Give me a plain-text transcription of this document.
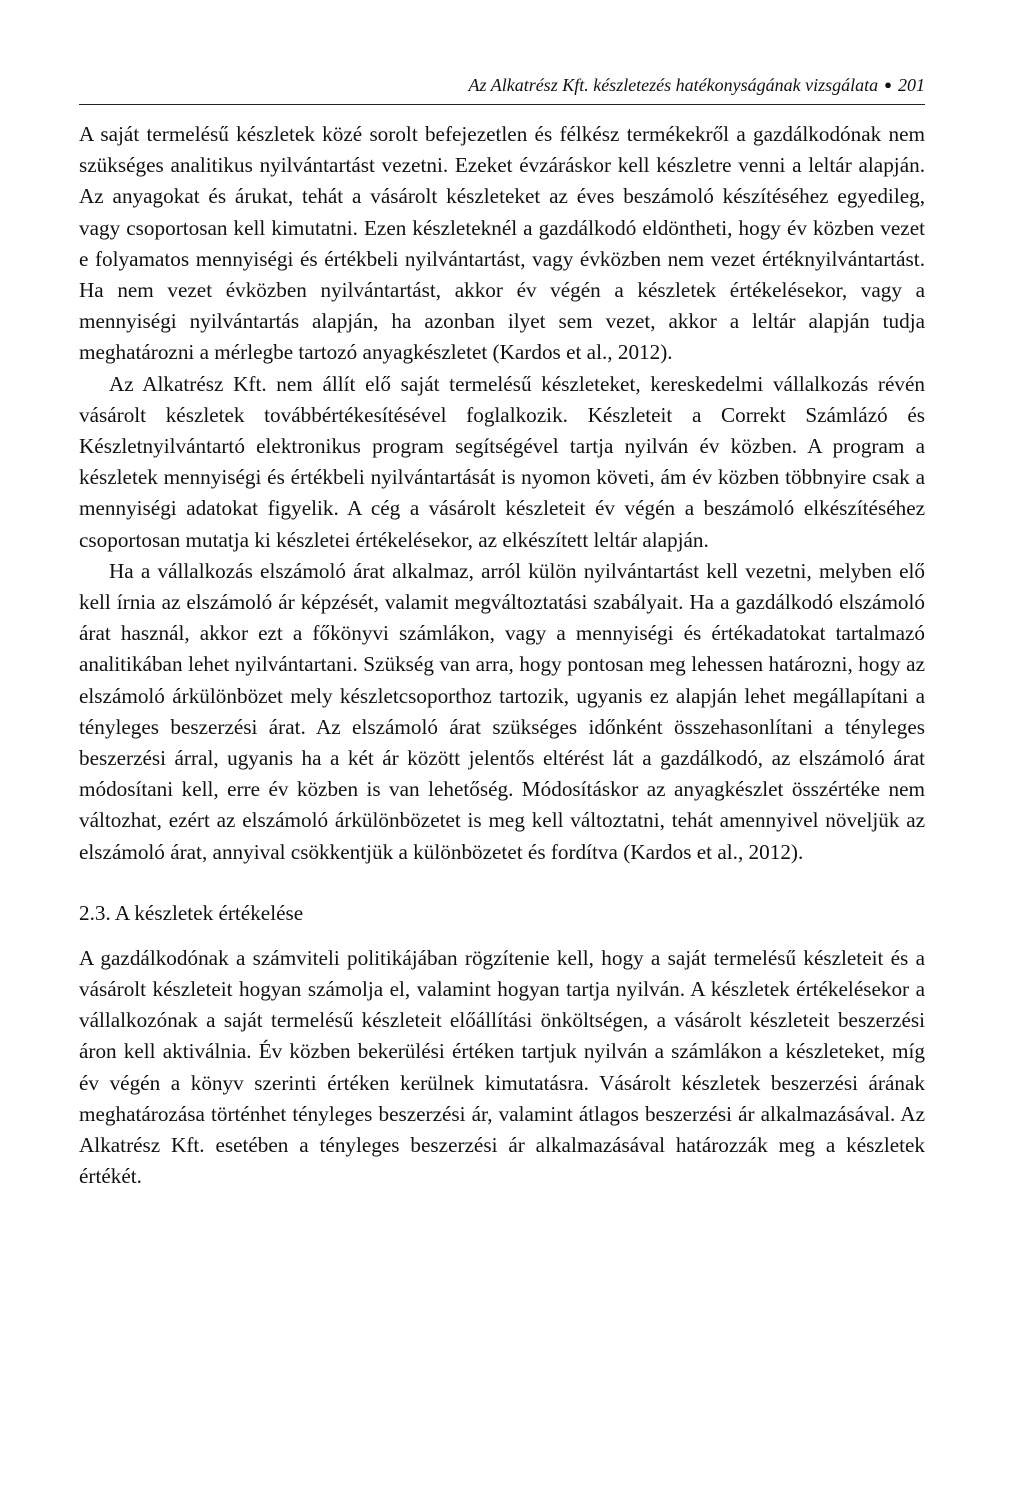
Az Alkatrész Kft. készletezés hatékonyságának vizsgálata ● 201

A saját termelésű készletek közé sorolt befejezetlen és félkész termékekről a gazdálkodónak nem szükséges analitikus nyilvántartást vezetni. Ezeket évzáráskor kell készletre venni a leltár alapján. Az anyagokat és árukat, tehát a vásárolt készleteket az éves beszámoló készítéséhez egyedileg, vagy csoportosan kell kimutatni. Ezen készleteknél a gazdálkodó eldöntheti, hogy év közben vezet e folyamatos mennyiségi és értékbeli nyilvántartást, vagy évközben nem vezet értéknyilvántartást. Ha nem vezet évközben nyilvántartást, akkor év végén a készletek értékelésekor, vagy a mennyiségi nyilvántartás alapján, ha azonban ilyet sem vezet, akkor a leltár alapján tudja meghatározni a mérlegbe tartozó anyagkészletet (Kardos et al., 2012).

Az Alkatrész Kft. nem állít elő saját termelésű készleteket, kereskedelmi vállalkozás révén vásárolt készletek továbbértékesítésével foglalkozik. Készleteit a Correkt Számlázó és Készletnyilvántartó elektronikus program segítségével tartja nyilván év közben. A program a készletek mennyiségi és értékbeli nyilvántartását is nyomon követi, ám év közben többnyire csak a mennyiségi adatokat figyelik. A cég a vásárolt készleteit év végén a beszámoló elkészítéséhez csoportosan mutatja ki készletei értékelésekor, az elkészített leltár alapján.

Ha a vállalkozás elszámoló árat alkalmaz, arról külön nyilvántartást kell vezetni, melyben elő kell írnia az elszámoló ár képzését, valamit megváltoztatási szabályait. Ha a gazdálkodó elszámoló árat használ, akkor ezt a főkönyvi számlákon, vagy a mennyiségi és értékadatokat tartalmazó analitikában lehet nyilvántartani. Szükség van arra, hogy pontosan meg lehessen határozni, hogy az elszámoló árkülönbözet mely készletcsoporthoz tartozik, ugyanis ez alapján lehet megállapítani a tényleges beszerzési árat. Az elszámoló árat szükséges időnként összehasonlítani a tényleges beszerzési árral, ugyanis ha a két ár között jelentős eltérést lát a gazdálkodó, az elszámoló árat módosítani kell, erre év közben is van lehetőség. Módosításkor az anyagkészlet összértéke nem változhat, ezért az elszámoló árkülönbözetet is meg kell változtatni, tehát amennyivel növeljük az elszámoló árat, annyival csökkentjük a különbözetet és fordítva (Kardos et al., 2012).

2.3. A készletek értékelése

A gazdálkodónak a számviteli politikájában rögzítenie kell, hogy a saját termelésű készleteit és a vásárolt készleteit hogyan számolja el, valamint hogyan tartja nyilván. A készletek értékelésekor a vállalkozónak a saját termelésű készleteit előállítási önköltségen, a vásárolt készleteit beszerzési áron kell aktiválnia. Év közben bekerülési értéken tartjuk nyilván a számlákon a készleteket, míg év végén a könyv szerinti értéken kerülnek kimutatásra. Vásárolt készletek beszerzési árának meghatározása történhet tényleges beszerzési ár, valamint átlagos beszerzési ár alkalmazásával. Az Alkatrész Kft. esetében a tényleges beszerzési ár alkalmazásával határozzák meg a készletek értékét.
